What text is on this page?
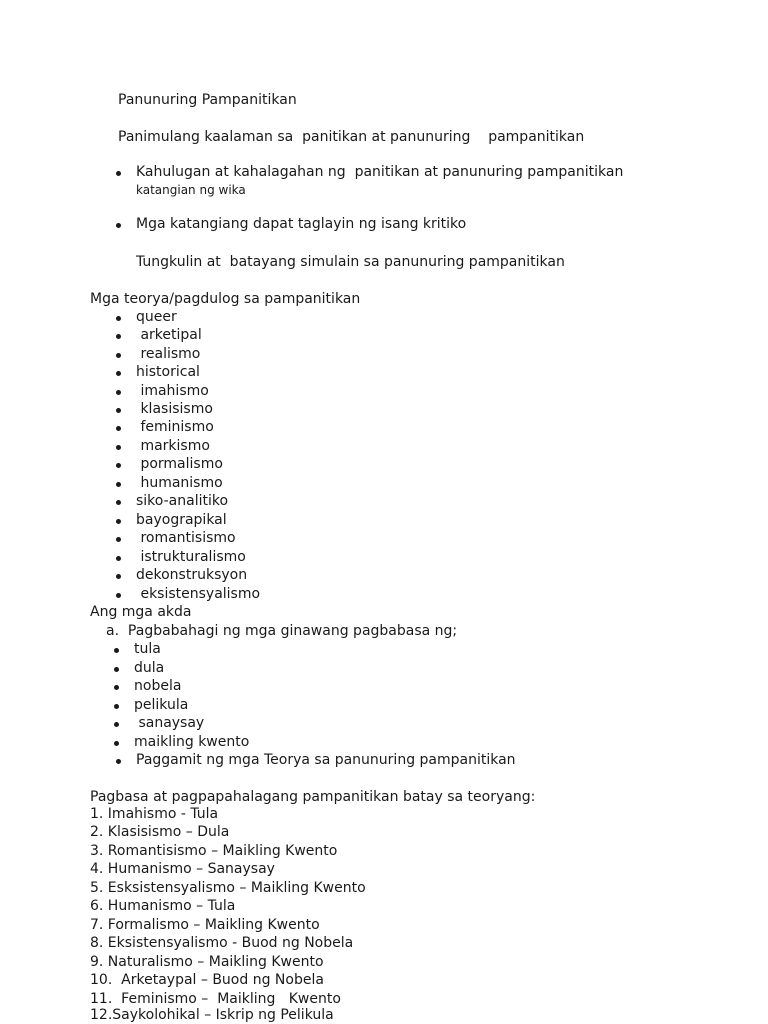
Panunuring Pampanitikan
Panimulang kaalaman sa  panitikan at panunuring    pampanitikan
Kahulugan at kahalagahan ng  panitikan at panunuring pampanitikan
katangian ng wika
Mga katangiang dapat taglayin ng isang kritiko
Tungkulin at  batayang simulain sa panunuring pampanitikan
Mga teorya/pagdulog sa pampanitikan
queer
arketipal
realismo
historical
imahismo
klasisismo
feminismo
markismo
pormalismo
humanismo
siko-analitiko
bayograpikal
romantisismo
istrukturalismo
dekonstruksyon
eksistensyalismo
Ang mga akda
a.  Pagbabahagi ng mga ginawang pagbabasa ng;
tula
dula
nobela
pelikula
sanaysay
maikling kwento
Paggamit ng mga Teorya sa panunuring pampanitikan
Pagbasa at pagpapahalagang pampanitikan batay sa teoryang:
1. Imahismo - Tula
2. Klasisismo – Dula
3. Romantisismo – Maikling Kwento
4. Humanismo – Sanaysay
5. Esksistensyalismo – Maikling Kwento
6. Humanismo – Tula
7. Formalismo – Maikling Kwento
8. Eksistensyalismo - Buod ng Nobela
9. Naturalismo – Maikling Kwento
10.  Arketaypal – Buod ng Nobela
11.  Feminismo –  Maikling   Kwento
12.Saykolohikal – Iskrip ng Pelikula
